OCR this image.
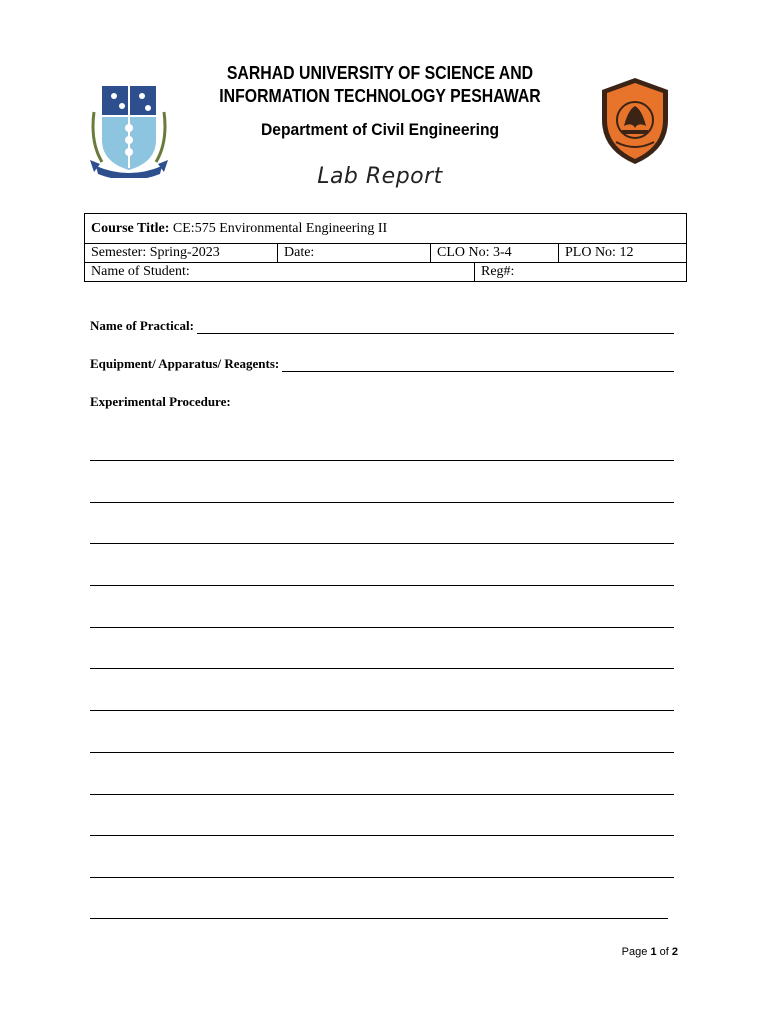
SARHAD UNIVERSITY OF SCIENCE AND
INFORMATION TECHNOLOGY PESHAWAR
Department of Civil Engineering
Lab Report
Course Title: CE:575 Environmental Engineering II				
Semester: Spring-2023	Date:	CLO No: 3-4		PLO No: 12
Name of Student:			Reg#:	
Name of Practical:
Equipment/ Apparatus/ Reagents:
Experimental Procedure:
Page 1 of 2
